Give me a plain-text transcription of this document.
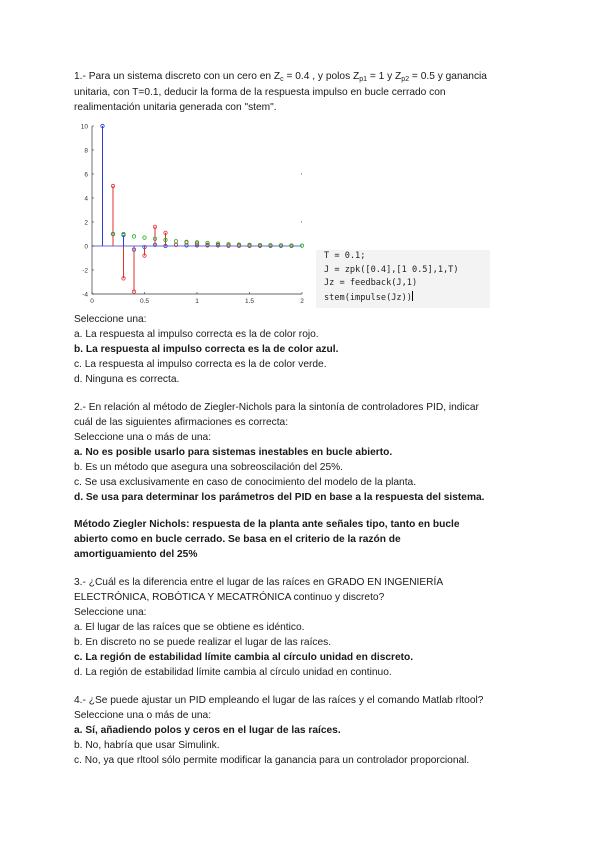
1.- Para un sistema discreto con un cero en $Z_c = 0.4$ , y polos $Z_{p1} = 1$ y $Z_{p2} = 0.5$ y ganancia
unitaria, con T=0.1, deducir la forma de la respuesta impulso en bucle cerrado con
realimentación unitaria generada con "stem".
-4
-2
0
2
4
6
8
10
0	0.5	1	1.5	2
T = 0.1;
J = zpk([0.4],[1 0.5],1,T)
Jz = feedback(J,1)
stem(impulse(Jz))
Seleccione una:
a. La respuesta al impulso correcta es la de color rojo.
b. La respuesta al impulso correcta es la de color azul.
c. La respuesta al impulso correcta es la de color verde.
d. Ninguna es correcta.
2.- En relación al método de Ziegler-Nichols para la sintonía de controladores PID, indicar
cuál de las siguientes afirmaciones es correcta:
Seleccione una o más de una:
a. No es posible usarlo para sistemas inestables en bucle abierto.
b. Es un método que asegura una sobreoscilación del 25%.
c. Se usa exclusivamente en caso de conocimiento del modelo de la planta.
d. Se usa para determinar los parámetros del PID en base a la respuesta del sistema.
Método Ziegler Nichols: respuesta de la planta ante señales tipo, tanto en bucle
abierto como en bucle cerrado. Se basa en el criterio de la razón de
amortiguamiento del 25%
3.- ¿Cuál es la diferencia entre el lugar de las raíces en GRADO EN INGENIERÍA
ELECTRÓNICA, ROBÓTICA Y MECATRÓNICA continuo y discreto?
Seleccione una:
a. El lugar de las raíces que se obtiene es idéntico.
b. En discreto no se puede realizar el lugar de las raíces.
c. La región de estabilidad límite cambia al círculo unidad en discreto.
d. La región de estabilidad límite cambia al círculo unidad en continuo.
4.- ¿Se puede ajustar un PID empleando el lugar de las raíces y el comando Matlab rltool?
Seleccione una o más de una:
a. Sí, añadiendo polos y ceros en el lugar de las raíces.
b. No, habría que usar Simulink.
c. No, ya que rltool sólo permite modificar la ganancia para un controlador proporcional.
